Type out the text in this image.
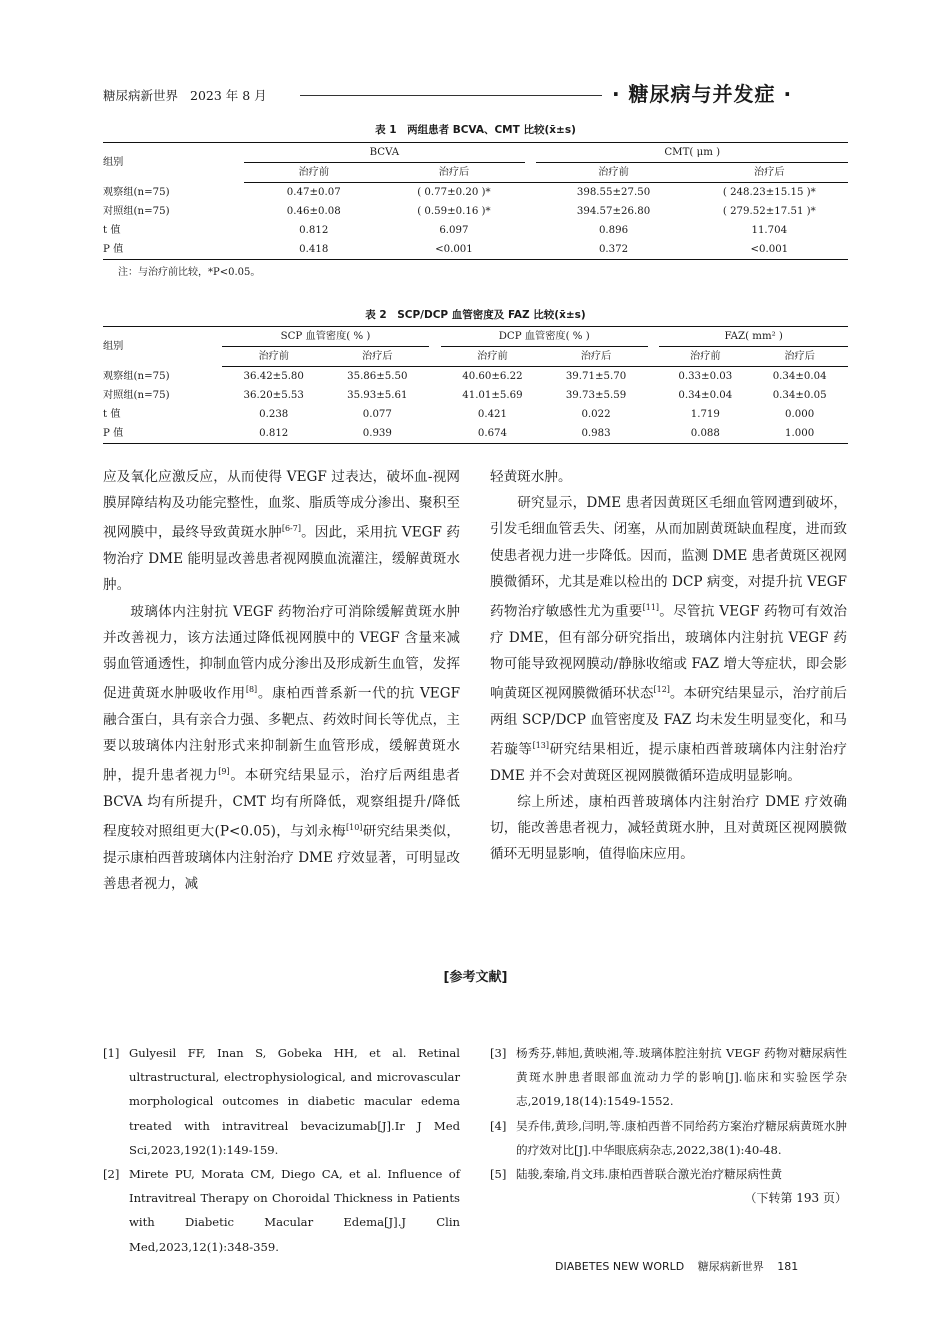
糖尿病新世界 2023 年 8 月	· 糖尿病与并发症 ·
表 1　两组患者 BCVA、CMT 比较(x̄±s)
组别	BCVA			CMT( μm )	
	治疗前	治疗后		治疗前	治疗后
观察组(n=75)	0.47±0.07	( 0.77±0.20 )*		398.55±27.50	( 248.23±15.15 )*
对照组(n=75)	0.46±0.08	( 0.59±0.16 )*		394.57±26.80	( 279.52±17.51 )*
t 值	0.812	6.097		0.896	11.704
P 值	0.418	<0.001		0.372	<0.001
注：与治疗前比较，*P<0.05。
表 2　SCP/DCP 血管密度及 FAZ 比较(x̄±s)
组别	SCP 血管密度( % )			DCP 血管密度( % )			FAZ( mm² )	
	治疗前	治疗后		治疗前	治疗后		治疗前	治疗后
观察组(n=75)	36.42±5.80	35.86±5.50		40.60±6.22	39.71±5.70		0.33±0.03	0.34±0.04
对照组(n=75)	36.20±5.53	35.93±5.61		41.01±5.69	39.73±5.59		0.34±0.04	0.34±0.05
t 值	0.238	0.077		0.421	0.022		1.719	0.000
P 值	0.812	0.939		0.674	0.983		0.088	1.000

应及氧化应激反应，从而使得 VEGF 过表达，破坏血-视网膜屏障结构及功能完整性，血浆、脂质等成分渗出、聚积至视网膜中，最终导致黄斑水肿[6-7]。因此，采用抗 VEGF 药物治疗 DME 能明显改善患者视网膜血流灌注，缓解黄斑水肿。

玻璃体内注射抗 VEGF 药物治疗可消除缓解黄斑水肿并改善视力，该方法通过降低视网膜中的 VEGF 含量来减弱血管通透性，抑制血管内成分渗出及形成新生血管，发挥促进黄斑水肿吸收作用[8]。康柏西普系新一代的抗 VEGF 融合蛋白，具有亲合力强、多靶点、药效时间长等优点，主要以玻璃体内注射形式来抑制新生血管形成，缓解黄斑水肿，提升患者视力[9]。本研究结果显示，治疗后两组患者 BCVA 均有所提升，CMT 均有所降低，观察组提升/降低程度较对照组更大(P<0.05)，与刘永梅[10]研究结果类似，提示康柏西普玻璃体内注射治疗 DME 疗效显著，可明显改善患者视力，减

轻黄斑水肿。

研究显示，DME 患者因黄斑区毛细血管网遭到破坏，引发毛细血管丢失、闭塞，从而加剧黄斑缺血程度，进而致使患者视力进一步降低。因而，监测 DME 患者黄斑区视网膜微循环，尤其是难以检出的 DCP 病变，对提升抗 VEGF 药物治疗敏感性尤为重要[11]。尽管抗 VEGF 药物可有效治疗 DME，但有部分研究指出，玻璃体内注射抗 VEGF 药物可能导致视网膜动/静脉收缩或 FAZ 增大等症状，即会影响黄斑区视网膜微循环状态[12]。本研究结果显示，治疗前后两组 SCP/DCP 血管密度及 FAZ 均未发生明显变化，和马若璇等[13]研究结果相近，提示康柏西普玻璃体内注射治疗 DME 并不会对黄斑区视网膜微循环造成明显影响。

综上所述，康柏西普玻璃体内注射治疗 DME 疗效确切，能改善患者视力，减轻黄斑水肿，且对黄斑区视网膜微循环无明显影响，值得临床应用。

[参考文献]
[1] Gulyesil FF, Inan S, Gobeka HH, et al. Retinal ultrastructural, electrophysiological, and microvascular morphological outcomes in diabetic macular edema treated with intravitreal bevacizumab[J].Ir J Med Sci,2023,192(1):149-159.
[2] Mirete PU, Morata CM, Diego CA, et al. Influence of Intravitreal Therapy on Choroidal Thickness in Patients with Diabetic Macular Edema[J].J Clin Med,2023,12(1):348-359.
[3] 杨秀芬,韩旭,黄映湘,等.玻璃体腔注射抗 VEGF 药物对糖尿病性黄斑水肿患者眼部血流动力学的影响[J].临床和实验医学杂志,2019,18(14):1549-1552.
[4] 吴乔伟,黄珍,闫明,等.康柏西普不同给药方案治疗糖尿病黄斑水肿的疗效对比[J].中华眼底病杂志,2022,38(1):40-48.
[5] 陆骏,秦瑜,肖文玮.康柏西普联合激光治疗糖尿病性黄
（下转第 193 页）
DIABETES NEW WORLD 糖尿病新世界 181
